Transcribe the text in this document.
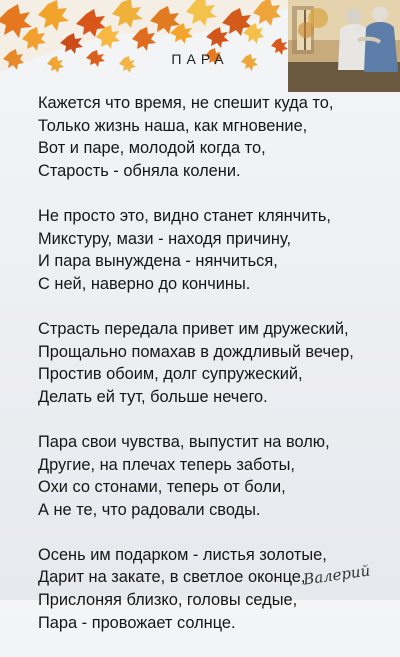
ПАРА
Кажется что время, не спешит куда то,
Только жизнь наша, как мгновение,
Вот и паре, молодой когда то,
Старость - обняла колени.
Не просто это, видно станет клянчить,
Микстуру, мази - находя причину,
И пара вынуждена - нянчиться,
С ней, наверно до кончины.
Страсть передала привет им дружеский,
Прощально помахав в дождливый вечер,
Простив обоим, долг супружеский,
Делать ей тут, больше нечего.
Пара свои чувства, выпустит на волю,
Другие, на плечах теперь заботы,
Охи со стонами, теперь от боли,
А не те, что радовали своды.
Осень им подарком - листья золотые,
Дарит на закате, в светлое оконце,
Прислоняя близко, головы седые,
Пара - провожает солнце.
Валерий
